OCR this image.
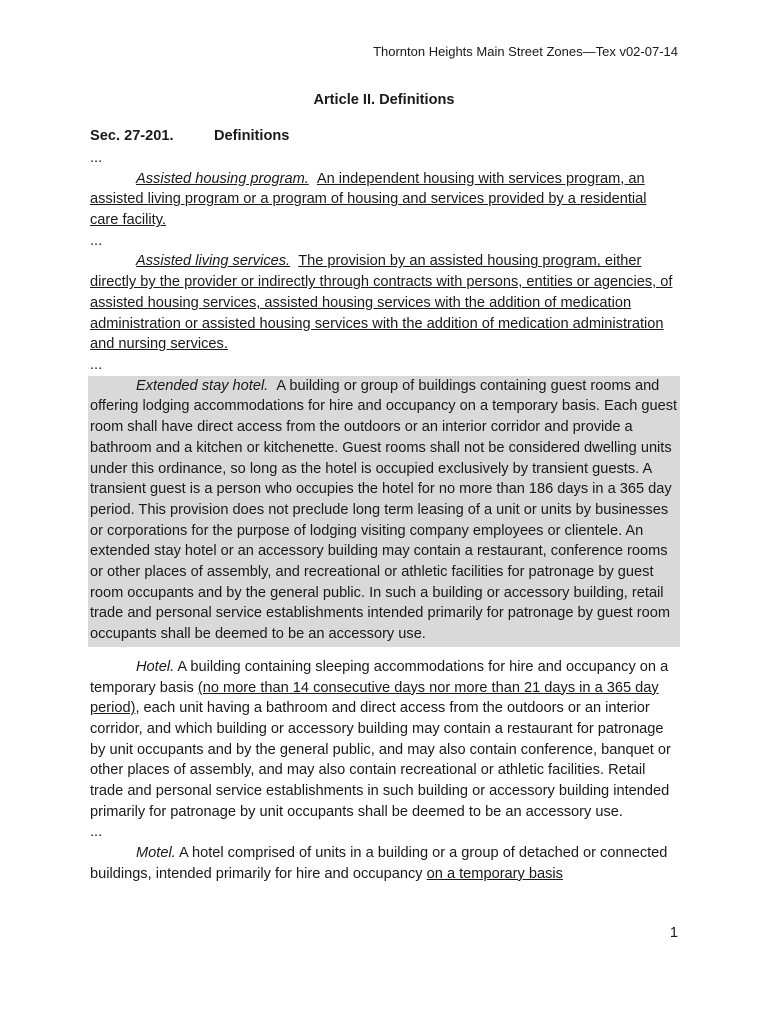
Thornton Heights Main Street Zones—Tex v02-07-14
Article II. Definitions
Sec. 27-201.	Definitions
...

Assisted housing program. An independent housing with services program, an assisted living program or a program of housing and services provided by a residential care facility.

...

Assisted living services. The provision by an assisted housing program, either directly by the provider or indirectly through contracts with persons, entities or agencies, of assisted housing services, assisted housing services with the addition of medication administration or assisted housing services with the addition of medication administration and nursing services.

...

Extended stay hotel. A building or group of buildings containing guest rooms and offering lodging accommodations for hire and occupancy on a temporary basis. Each guest room shall have direct access from the outdoors or an interior corridor and provide a bathroom and a kitchen or kitchenette. Guest rooms shall not be considered dwelling units under this ordinance, so long as the hotel is occupied exclusively by transient guests. A transient guest is a person who occupies the hotel for no more than 186 days in a 365 day period. This provision does not preclude long term leasing of a unit or units by businesses or corporations for the purpose of lodging visiting company employees or clientele. An extended stay hotel or an accessory building may contain a restaurant, conference rooms or other places of assembly, and recreational or athletic facilities for patronage by guest room occupants and by the general public. In such a building or accessory building, retail trade and personal service establishments intended primarily for patronage by guest room occupants shall be deemed to be an accessory use.

Hotel. A building containing sleeping accommodations for hire and occupancy on a temporary basis (no more than 14 consecutive days nor more than 21 days in a 365 day period), each unit having a bathroom and direct access from the outdoors or an interior corridor, and which building or accessory building may contain a restaurant for patronage by unit occupants and by the general public, and may also contain conference, banquet or other places of assembly, and may also contain recreational or athletic facilities. Retail trade and personal service establishments in such building or accessory building intended primarily for patronage by unit occupants shall be deemed to be an accessory use.

...

Motel. A hotel comprised of units in a building or a group of detached or connected buildings, intended primarily for hire and occupancy on a temporary basis

1
